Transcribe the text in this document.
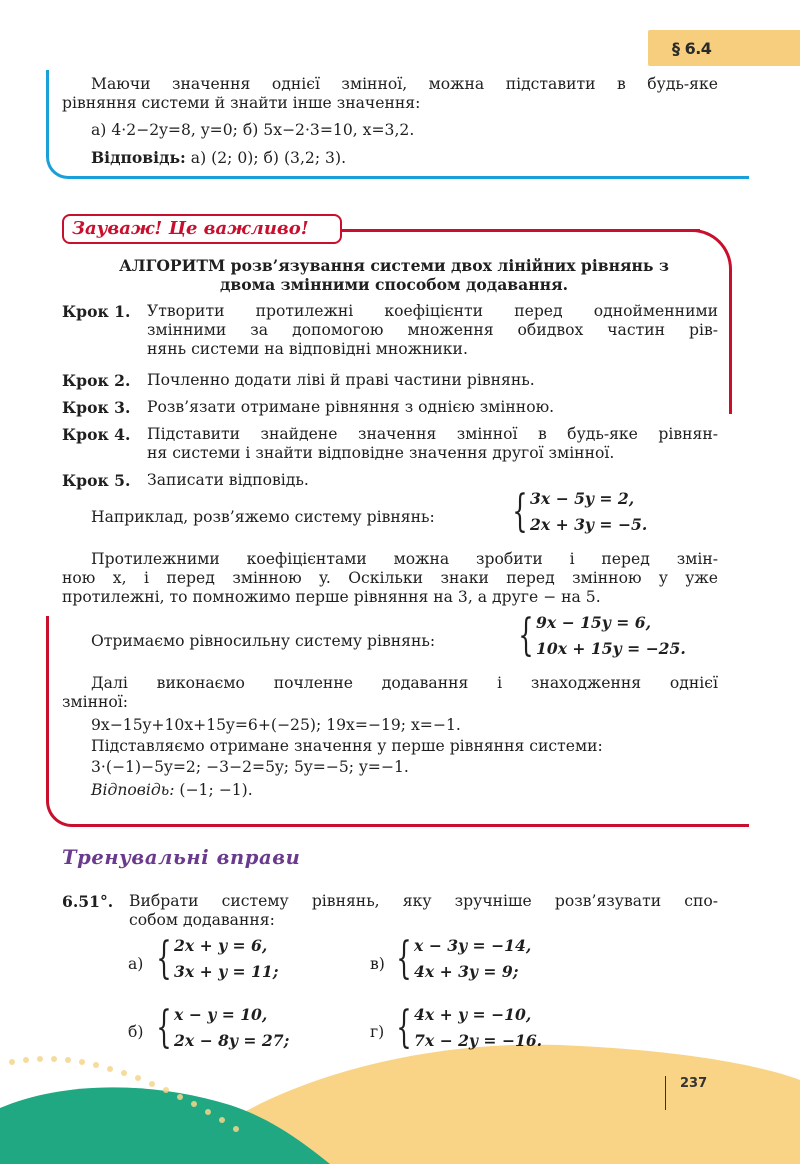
§ 6.4
Маючи значення однієї змінної, можна підставити в будь-яке
рівняння системи й знайти інше значення:
а) 4·2−2y=8, y=0; б) 5x−2·3=10, x=3,2.
Відповідь: а) (2; 0); б) (3,2; 3).
Зауваж! Це важливо!
АЛГОРИТМ розв’язування системи двох лінійних рівнянь з
двома змінними способом додавання.
Крок 1. Утворити протилежні коефіцієнти перед однойменними
змінними за допомогою множення обидвох частин рів-
нянь системи на відповідні множники.
Крок 2. Почленно додати ліві й праві частини рівнянь.
Крок 3. Розв’язати отримане рівняння з однією змінною.
Крок 4. Підставити знайдене значення змінної в будь-яке рівнян-
ня системи і знайти відповідне значення другої змінної.
Крок 5. Записати відповідь.
Наприклад, розв’яжемо систему рівнянь: { 3x − 5y = 2,
2x + 3y = −5.
Протилежними коефіцієнтами можна зробити і перед змін-
ною x, і перед змінною y. Оскільки знаки перед змінною y уже
протилежні, то помножимо перше рівняння на 3, а друге − на 5.
Отримаємо рівносильну систему рівнянь: { 9x − 15y = 6,
10x + 15y = −25.
Далі виконаємо почленне додавання і знаходження однієї
змінної:
9x−15y+10x+15y=6+(−25); 19x=−19; x=−1.
Підставляємо отримане значення у перше рівняння системи:
3·(−1)−5y=2; −3−2=5y; 5y=−5; y=−1.
Відповідь: (−1; −1).
Тренувальні вправи
6.51°. Вибрати систему рівнянь, яку зручніше розв’язувати спо-
собом додавання:
а) { 2x + y = 6,
3x + y = 11;	в) { x − 3y = −14,
4x + 3y = 9;
б) { x − y = 10,
2x − 8y = 27;	г) { 4x + y = −10,
7x − 2y = −16.
237
